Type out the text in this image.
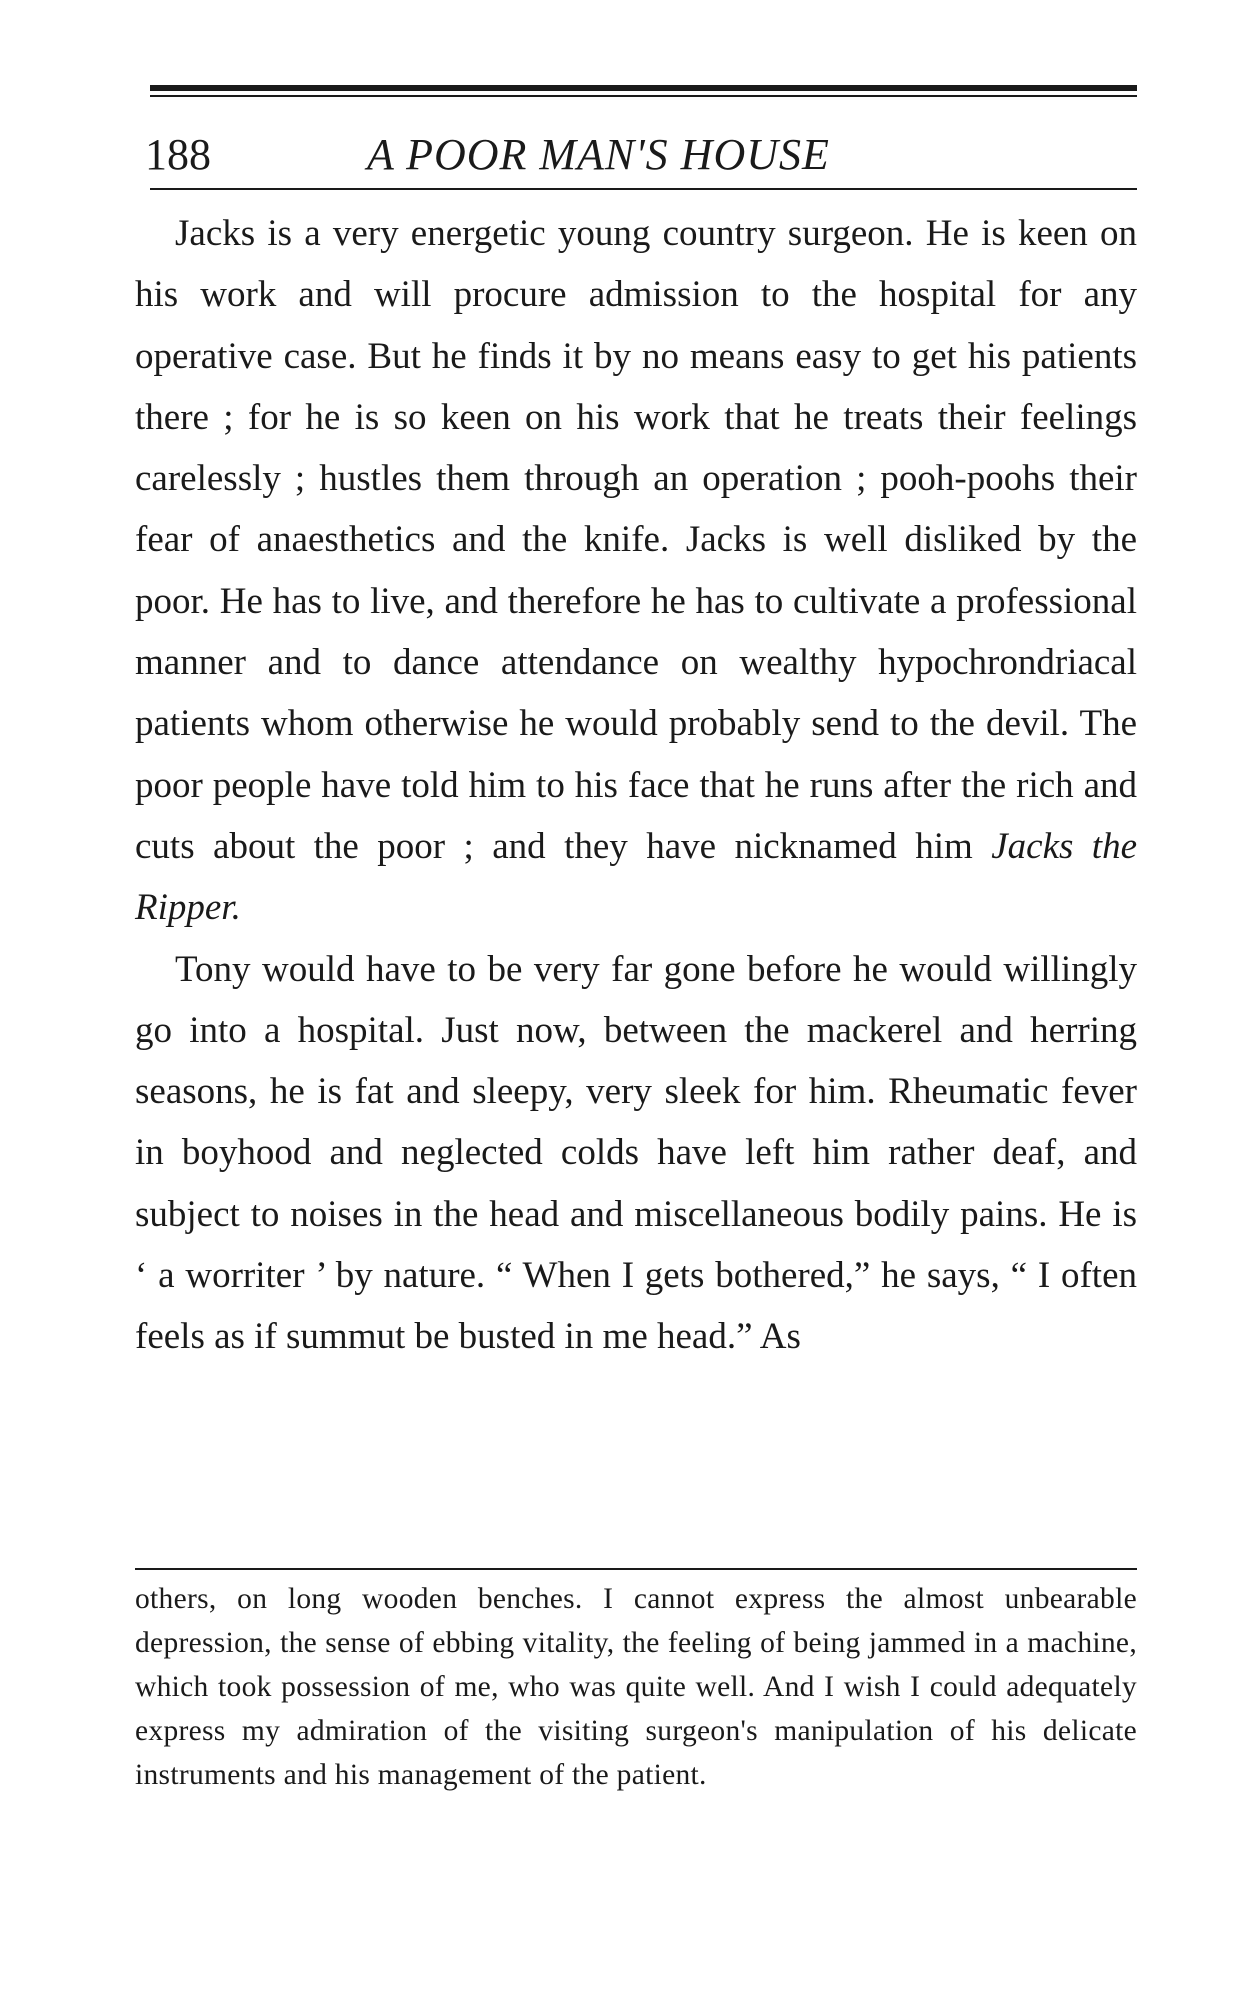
188	A POOR MAN'S HOUSE

Jacks is a very energetic young country surgeon. He is keen on his work and will procure admission to the hospital for any operative case. But he finds it by no means easy to get his patients there ; for he is so keen on his work that he treats their feelings carelessly ; hustles them through an operation ; pooh-poohs their fear of anaesthetics and the knife. Jacks is well disliked by the poor. He has to live, and therefore he has to cultivate a professional manner and to dance attendance on wealthy hypochrondriacal patients whom otherwise he would probably send to the devil. The poor people have told him to his face that he runs after the rich and cuts about the poor ; and they have nicknamed him Jacks the Ripper.

Tony would have to be very far gone before he would willingly go into a hospital. Just now, between the mackerel and herring seasons, he is fat and sleepy, very sleek for him. Rheumatic fever in boyhood and neglected colds have left him rather deaf, and subject to noises in the head and miscellaneous bodily pains. He is ‘ a worriter ’ by nature. “ When I gets bothered,” he says, “ I often feels as if summut be busted in me head.” As

others, on long wooden benches. I cannot express the almost unbearable depression, the sense of ebbing vitality, the feeling of being jammed in a machine, which took possession of me, who was quite well. And I wish I could adequately express my admiration of the visiting surgeon's manipulation of his delicate instruments and his management of the patient.
